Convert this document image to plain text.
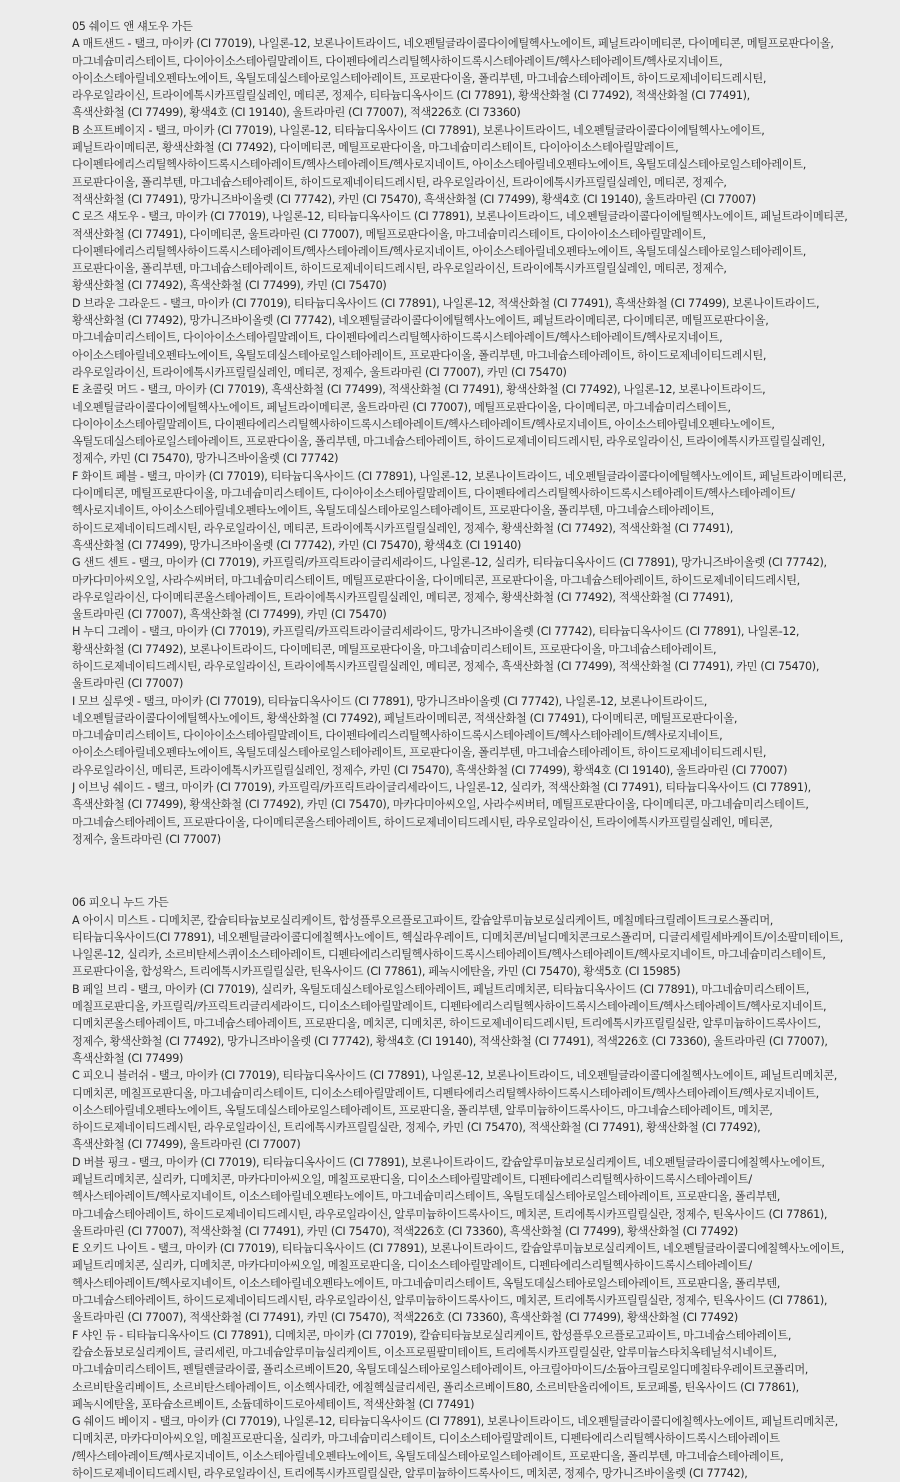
05 쉐이드 앤 섀도우 가든
A 매트샌드 - 탤크, 마이카 (CI 77019), 나일론-12, 보론나이트라이드, 네오펜틸글라이콜다이에틸헥사노에이트, 페닐트라이메티콘, 다이메티콘, 메틸프로판다이올,
마그네슘미리스테이트, 다이아이소스테아릴말레이트, 다이펜타에리스리틸헥사하이드록시스테아레이트/헥사스테아레이트/헥사로지네이트,
아이소스테아릴네오펜타노에이트, 옥틸도데실스테아로일스테아레이트, 프로판다이올, 폴리부텐, 마그네슘스테아레이트, 하이드로제네이티드레시틴,
라우로일라이신, 트라이에톡시카프릴릴실레인, 메티콘, 정제수, 티타늄디옥사이드 (CI 77891), 황색산화철 (CI 77492), 적색산화철 (CI 77491),
흑색산화철 (CI 77499), 황색4호 (CI 19140), 울트라마린 (CI 77007), 적색226호 (CI 73360)
B 소프트베이지 - 탤크, 마이카 (CI 77019), 나일론-12, 티타늄디옥사이드 (CI 77891), 보론나이트라이드, 네오펜틸글라이콜다이에틸헥사노에이트,
페닐트라이메티콘, 황색산화철 (CI 77492), 다이메티콘, 메틸프로판다이올, 마그네슘미리스테이트, 다이아이소스테아릴말레이트,
다이펜타에리스리틸헥사하이드록시스테아레이트/헥사스테아레이트/헥사로지네이트, 아이소스테아릴네오펜타노에이트, 옥틸도데실스테아로일스테아레이트,
프로판다이올, 폴리부텐, 마그네슘스테아레이트, 하이드로제네이티드레시틴, 라우로일라이신, 트라이에톡시카프릴릴실레인, 메티콘, 정제수,
적색산화철 (CI 77491), 망가니즈바이올렛 (CI 77742), 카민 (CI 75470), 흑색산화철 (CI 77499), 황색4호 (CI 19140), 울트라마린 (CI 77007)
C 로즈 섀도우 - 탤크, 마이카 (CI 77019), 나일론-12, 티타늄디옥사이드 (CI 77891), 보론나이트라이드, 네오펜틸글라이콜다이에틸헥사노에이트, 페닐트라이메티콘,
적색산화철 (CI 77491), 다이메티콘, 울트라마린 (CI 77007), 메틸프로판다이올, 마그네슘미리스테이트, 다이아이소스테아릴말레이트,
다이펜타에리스리틸헥사하이드록시스테아레이트/헥사스테아레이트/헥사로지네이트, 아이소스테아릴네오펜타노에이트, 옥틸도데실스테아로일스테아레이트,
프로판다이올, 폴리부텐, 마그네슘스테아레이트, 하이드로제네이티드레시틴, 라우로일라이신, 트라이에톡시카프릴릴실레인, 메티콘, 정제수,
황색산화철 (CI 77492), 흑색산화철 (CI 77499), 카민 (CI 75470)
D 브라운 그라운드 - 탤크, 마이카 (CI 77019), 티타늄디옥사이드 (CI 77891), 나일론-12, 적색산화철 (CI 77491), 흑색산화철 (CI 77499), 보론나이트라이드,
황색산화철 (CI 77492), 망가니즈바이올렛 (CI 77742), 네오펜틸글라이콜다이에틸헥사노에이트, 페닐트라이메티콘, 다이메티콘, 메틸프로판다이올,
마그네슘미리스테이트, 다이아이소스테아릴말레이트, 다이펜타에리스리틸헥사하이드록시스테아레이트/헥사스테아레이트/헥사로지네이트,
아이소스테아릴네오펜타노에이트, 옥틸도데실스테아로일스테아레이트, 프로판다이올, 폴리부텐, 마그네슘스테아레이트, 하이드로제네이티드레시틴,
라우로일라이신, 트라이에톡시카프릴릴실레인, 메티콘, 정제수, 울트라마린 (CI 77007), 카민 (CI 75470)
E 초콜릿 머드 - 탤크, 마이카 (CI 77019), 흑색산화철 (CI 77499), 적색산화철 (CI 77491), 황색산화철 (CI 77492), 나일론-12, 보론나이트라이드,
네오펜틸글라이콜다이에틸헥사노에이트, 페닐트라이메티콘, 울트라마린 (CI 77007), 메틸프로판다이올, 다이메티콘, 마그네슘미리스테이트,
다이아이소스테아릴말레이트, 다이펜타에리스리틸헥사하이드록시스테아레이트/헥사스테아레이트/헥사로지네이트, 아이소스테아릴네오펜타노에이트,
옥틸도데실스테아로일스테아레이트, 프로판다이올, 폴리부텐, 마그네슘스테아레이트, 하이드로제네이티드레시틴, 라우로일라이신, 트라이에톡시카프릴릴실레인,
정제수, 카민 (CI 75470), 망가니즈바이올렛 (CI 77742)
F 화이트 페블 - 탤크, 마이카 (CI 77019), 티타늄디옥사이드 (CI 77891), 나일론-12, 보론나이트라이드, 네오펜틸글라이콜다이에틸헥사노에이트, 페닐트라이메티콘,
다이메티콘, 메틸프로판다이올, 마그네슘미리스테이트, 다이아이소스테아릴말레이트, 다이펜타에리스리틸헥사하이드록시스테아레이트/헥사스테아레이트/
헥사로지네이트, 아이소스테아릴네오펜타노에이트, 옥틸도데실스테아로일스테아레이트, 프로판다이올, 폴리부텐, 마그네슘스테아레이트,
하이드로제네이티드레시틴, 라우로일라이신, 메티콘, 트라이에톡시카프릴릴실레인, 정제수, 황색산화철 (CI 77492), 적색산화철 (CI 77491),
흑색산화철 (CI 77499), 망가니즈바이올렛 (CI 77742), 카민 (CI 75470), 황색4호 (CI 19140)
G 샌드 센트 - 탤크, 마이카 (CI 77019), 카프릴릭/카프릭트라이글리세라이드, 나일론-12, 실리카, 티타늄디옥사이드 (CI 77891), 망가니즈바이올렛 (CI 77742),
마카다미아씨오일, 사라수씨버터, 마그네슘미리스테이트, 메틸프로판다이올, 다이메티콘, 프로판다이올, 마그네슘스테아레이트, 하이드로제네이티드레시틴,
라우로일라이신, 다이메티콘올스테아레이트, 트라이에톡시카프릴릴실레인, 메티콘, 정제수, 황색산화철 (CI 77492), 적색산화철 (CI 77491),
울트라마린 (CI 77007), 흑색산화철 (CI 77499), 카민 (CI 75470)
H 누디 그레이 - 탤크, 마이카 (CI 77019), 카프릴릭/카프릭트라이글리세라이드, 망가니즈바이올렛 (CI 77742), 티타늄디옥사이드 (CI 77891), 나일론-12,
황색산화철 (CI 77492), 보론나이트라이드, 다이메티콘, 메틸프로판다이올, 마그네슘미리스테이트, 프로판다이올, 마그네슘스테아레이트,
하이드로제네이티드레시틴, 라우로일라이신, 트라이에톡시카프릴릴실레인, 메티콘, 정제수, 흑색산화철 (CI 77499), 적색산화철 (CI 77491), 카민 (CI 75470),
울트라마린 (CI 77007)
I 모브 실루엣 - 탤크, 마이카 (CI 77019), 티타늄디옥사이드 (CI 77891), 망가니즈바이올렛 (CI 77742), 나일론-12, 보론나이트라이드,
네오펜틸글라이콜다이에틸헥사노에이트, 황색산화철 (CI 77492), 페닐트라이메티콘, 적색산화철 (CI 77491), 다이메티콘, 메틸프로판다이올,
마그네슘미리스테이트, 다이아이소스테아릴말레이트, 다이펜타에리스리틸헥사하이드록시스테아레이트/헥사스테아레이트/헥사로지네이트,
아이소스테아릴네오펜타노에이트, 옥틸도데실스테아로일스테아레이트, 프로판다이올, 폴리부텐, 마그네슘스테아레이트, 하이드로제네이티드레시틴,
라우로일라이신, 메티콘, 트라이에톡시카프릴릴실레인, 정제수, 카민 (CI 75470), 흑색산화철 (CI 77499), 황색4호 (CI 19140), 울트라마린 (CI 77007)
J 이브닝 쉐이드 - 탤크, 마이카 (CI 77019), 카프릴릭/카프릭트라이글리세라이드, 나일론-12, 실리카, 적색산화철 (CI 77491), 티타늄디옥사이드 (CI 77891),
흑색산화철 (CI 77499), 황색산화철 (CI 77492), 카민 (CI 75470), 마카다미아씨오일, 사라수씨버터, 메틸프로판다이올, 다이메티콘, 마그네슘미리스테이트,
마그네슘스테아레이트, 프로판다이올, 다이메티콘올스테아레이트, 하이드로제네이티드레시틴, 라우로일라이신, 트라이에톡시카프릴릴실레인, 메티콘,
정제수, 울트라마린 (CI 77007)
06 피오니 누드 가든
A 아이시 미스트 - 디메치콘, 칼슘티타늄보로실리케이트, 합성플루오르플로고파이트, 칼슘알루미늄보로실리케이트, 메칠메타크릴레이트크로스폴리머,
티타늄디옥사이드(CI 77891), 네오펜틸글라이콜디에칠헥사노에이트, 헥실라우레이트, 디메치콘/비닐디메치콘크로스폴리머, 디글리세릴세바케이트/이소팔미테이트,
나일론-12, 실리카, 소르비탄세스퀴이소스테아레이트, 디펜타에리스리틸헥사하이드록시스테아레이트/헥사스테아레이트/헥사로지네이트, 마그네슘미리스테이트,
프로판다이올, 합성왁스, 트리에톡시카프릴릴실란, 틴옥사이드 (CI 77861), 페녹시에탄올, 카민 (CI 75470), 황색5호 (CI 15985)
B 페일 브리 - 탤크, 마이카 (CI 77019), 실리카, 옥틸도데실스테아로일스테아레이트, 페닐트리메치콘, 티타늄디옥사이드 (CI 77891), 마그네슘미리스테이트,
메칠프로판디올, 카프릴릭/카프릭트리글리세라이드, 디이소스테아릴말레이트, 디펜타에리스리틸헥사하이드록시스테아레이트/헥사스테아레이트/헥사로지네이트,
디메치콘올스테아레이트, 마그네슘스테아레이트, 프로판디올, 메치콘, 디메치콘, 하이드로제네이티드레시틴, 트리에톡시카프릴릴실란, 알루미늄하이드록사이드,
정제수, 황색산화철 (CI 77492), 망가니즈바이올렛 (CI 77742), 황색4호 (CI 19140), 적색산화철 (CI 77491), 적색226호 (CI 73360), 울트라마린 (CI 77007),
흑색산화철 (CI 77499)
C 피오니 블러쉬 - 탤크, 마이카 (CI 77019), 티타늄디옥사이드 (CI 77891), 나일론-12, 보론나이트라이드, 네오펜틸글라이콜디에칠헥사노에이트, 페닐트리메치콘,
디메치콘, 메칠프로판디올, 마그네슘미리스테이트, 디이소스테아릴말레이트, 디펜타에리스리틸헥사하이드록시스테아레이트/헥사스테아레이트/헥사로지네이트,
이소스테아릴네오펜타노에이트, 옥틸도데실스테아로일스테아레이트, 프로판디올, 폴리부텐, 알루미늄하이드록사이드, 마그네슘스테아레이트, 메치콘,
하이드로제네이티드레시틴, 라우로일라이신, 트리에톡시카프릴릴실란, 정제수, 카민 (CI 75470), 적색산화철 (CI 77491), 황색산화철 (CI 77492),
흑색산화철 (CI 77499), 울트라마린 (CI 77007)
D 버블 핑크 - 탤크, 마이카 (CI 77019), 티타늄디옥사이드 (CI 77891), 보론나이트라이드, 칼슘알루미늄보로실리케이트, 네오펜틸글라이콜디에칠헥사노에이트,
페닐트리메치콘, 실리카, 디메치콘, 마카다미아씨오일, 메칠프로판디올, 디이소스테아릴말레이트, 디펜타에리스리틸헥사하이드록시스테아레이트/
헥사스테아레이트/헥사로지네이트, 이소스테아릴네오펜타노에이트, 마그네슘미리스테이트, 옥틸도데실스테아로일스테아레이트, 프로판디올, 폴리부텐,
마그네슘스테아레이트, 하이드로제네이티드레시틴, 라우로일라이신, 알루미늄하이드록사이드, 메치콘, 트리에톡시카프릴릴실란, 정제수, 틴옥사이드 (CI 77861),
울트라마린 (CI 77007), 적색산화철 (CI 77491), 카민 (CI 75470), 적색226호 (CI 73360), 흑색산화철 (CI 77499), 황색산화철 (CI 77492)
E 오키드 나이트 - 탤크, 마이카 (CI 77019), 티타늄디옥사이드 (CI 77891), 보론나이트라이드, 칼슘알루미늄보로실리케이트, 네오펜틸글라이콜디에칠헥사노에이트,
페닐트리메치콘, 실리카, 디메치콘, 마카다미아씨오일, 메칠프로판디올, 디이소스테아릴말레이트, 디펜타에리스리틸헥사하이드록시스테아레이트/
헥사스테아레이트/헥사로지네이트, 이소스테아릴네오펜타노에이트, 마그네슘미리스테이트, 옥틸도데실스테아로일스테아레이트, 프로판디올, 폴리부텐,
마그네슘스테아레이트, 하이드로제네이티드레시틴, 라우로일라이신, 알루미늄하이드록사이드, 메치콘, 트리에톡시카프릴릴실란, 정제수, 틴옥사이드 (CI 77861),
울트라마린 (CI 77007), 적색산화철 (CI 77491), 카민 (CI 75470), 적색226호 (CI 73360), 흑색산화철 (CI 77499), 황색산화철 (CI 77492)
F 샤인 듀 - 티타늄디옥사이드 (CI 77891), 디메치콘, 마이카 (CI 77019), 칼슘티타늄보로실리케이트, 합성플루오르플로고파이트, 마그네슘스테아레이트,
칼슘소듐보로실리케이트, 글리세린, 마그네슘알루미늄실리케이트, 이소프로필팔미테이트, 트리에톡시카프릴릴실란, 알루미늄스타치옥테닐석시네이트,
마그네슘미리스테이트, 펜틸렌글라이콜, 폴리소르베이트20, 옥틸도데실스테아로일스테아레이트, 아크릴아마이드/소듐아크릴로일디메칠타우레이트코폴리머,
소르비탄올리베이트, 소르비탄스테아레이트, 이소헥사데칸, 에칠헥실글리세린, 폴리소르베이트80, 소르비탄올리에이트, 토코페롤, 틴옥사이드 (CI 77861),
페녹시에탄올, 포타슘소르베이트, 소듐데하이드로아세테이트, 적색산화철 (CI 77491)
G 쉐이드 베이지 - 탤크, 마이카 (CI 77019), 나일론-12, 티타늄디옥사이드 (CI 77891), 보론나이트라이드, 네오펜틸글라이콜디에칠헥사노에이트, 페닐트리메치콘,
디메치콘, 마카다미아씨오일, 메칠프로판디올, 실리카, 마그네슘미리스테이트, 디이소스테아릴말레이트, 디펜타에리스리틸헥사하이드록시스테아레이트
/헥사스테아레이트/헥사로지네이트, 이소스테아릴네오펜타노에이트, 옥틸도데실스테아로일스테아레이트, 프로판디올, 폴리부텐, 마그네슘스테아레이트,
하이드로제네이티드레시틴, 라우로일라이신, 트리에톡시카프릴릴실란, 알루미늄하이드록사이드, 메치콘, 정제수, 망가니즈바이올렛 (CI 77742),
